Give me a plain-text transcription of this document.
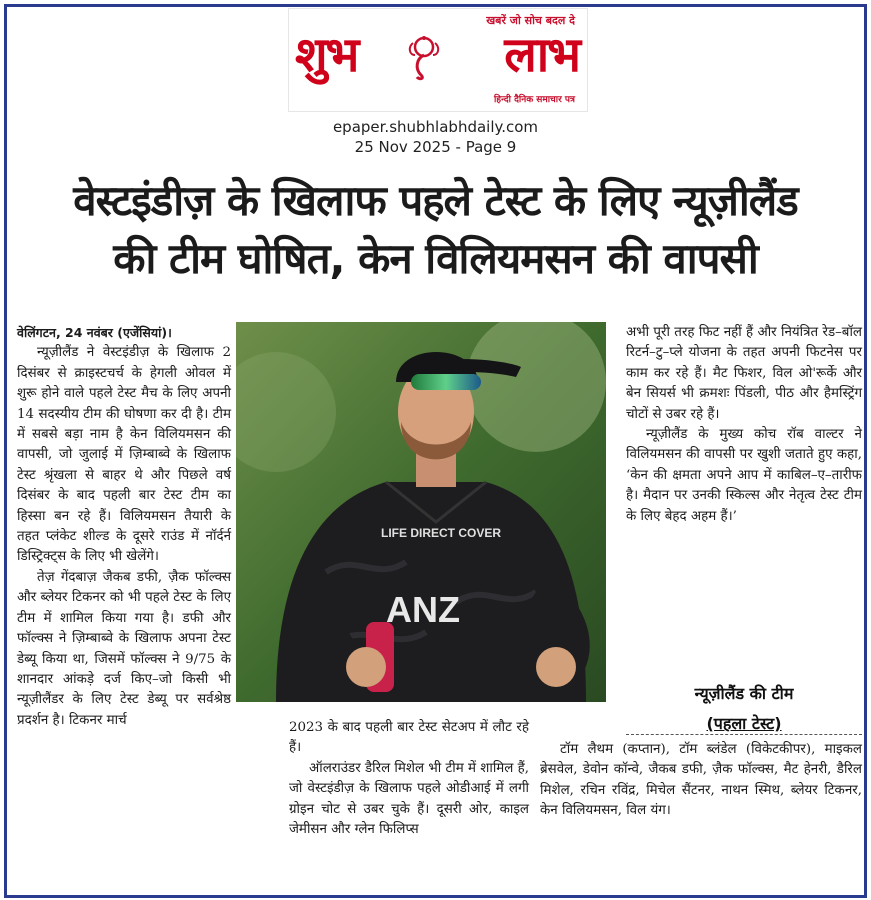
खबरें जो सोच बदल दे
शुभ	लाभ
हिन्दी दैनिक समाचार पत्र
epaper.shubhlabhdaily.com
25 Nov 2025 - Page 9
वेस्टइंडीज़ के खिलाफ पहले टेस्ट के लिए न्यूज़ीलैंड
की टीम घोषित, केन विलियमसन की वापसी

वेलिंगटन, 24 नवंबर (एजेंसियां)।

न्यूज़ीलैंड ने वेस्टइंडीज़ के खिलाफ 2 दिसंबर से क्राइस्टचर्च के हेगली ओवल में शुरू होने वाले पहले टेस्ट मैच के लिए अपनी 14 सदस्यीय टीम की घोषणा कर दी है। टीम में सबसे बड़ा नाम है केन विलियमसन की वापसी, जो जुलाई में ज़िम्बाब्वे के खिलाफ टेस्ट श्रृंखला से बाहर थे और पिछले वर्ष दिसंबर के बाद पहली बार टेस्ट टीम का हिस्सा बन रहे हैं। विलियमसन तैयारी के तहत प्लंकेट शील्ड के दूसरे राउंड में नॉर्दर्न डिस्ट्रिक्ट्स के लिए भी खेलेंगे।

तेज़ गेंदबाज़ जैकब डफी, ज़ैक फॉल्क्स और ब्लेयर टिकनर को भी पहले टेस्ट के लिए टीम में शामिल किया गया है। डफी और फॉल्क्स ने ज़िम्बाब्वे के खिलाफ अपना टेस्ट डेब्यू किया था, जिसमें फॉल्क्स ने 9/75 के शानदार आंकड़े दर्ज किए–जो किसी भी न्यूज़ीलैंडर के लिए टेस्ट डेब्यू पर सर्वश्रेष्ठ प्रदर्शन है। टिकनर मार्च

ANZ
LIFE DIRECT COVER

2023 के बाद पहली बार टेस्ट सेटअप में लौट रहे हैं।

ऑलराउंडर डैरिल मिशेल भी टीम में शामिल हैं, जो वेस्टइंडीज़ के खिलाफ पहले ओडीआई में लगी ग्रोइन चोट से उबर चुके हैं। दूसरी ओर, काइल जेमीसन और ग्लेन फिलिप्स

अभी पूरी तरह फिट नहीं हैं और नियंत्रित रेड–बॉल रिटर्न–टु–प्ले योजना के तहत अपनी फिटनेस पर काम कर रहे हैं। मैट फिशर, विल ओ'रूर्के और बेन सियर्स भी क्रमशः पिंडली, पीठ और हैमस्ट्रिंग चोटों से उबर रहे हैं।

न्यूज़ीलैंड के मुख्य कोच रॉब वाल्टर ने विलियमसन की वापसी पर खुशी जताते हुए कहा, ‘केन की क्षमता अपने आप में काबिल–ए–तारीफ है। मैदान पर उनकी स्किल्स और नेतृत्व टेस्ट टीम के लिए बेहद अहम हैं।’

न्यूज़ीलैंड की टीम
(पहला टेस्ट)

टॉम लैथम (कप्तान), टॉम ब्लंडेल (विकेटकीपर), माइकल ब्रेसवेल, डेवोन कॉन्वे, जैकब डफी, ज़ैक फॉल्क्स, मैट हेनरी, डैरिल मिशेल, रचिन रविंद्र, मिचेल सैंटनर, नाथन स्मिथ, ब्लेयर टिकनर, केन विलियमसन, विल यंग।
